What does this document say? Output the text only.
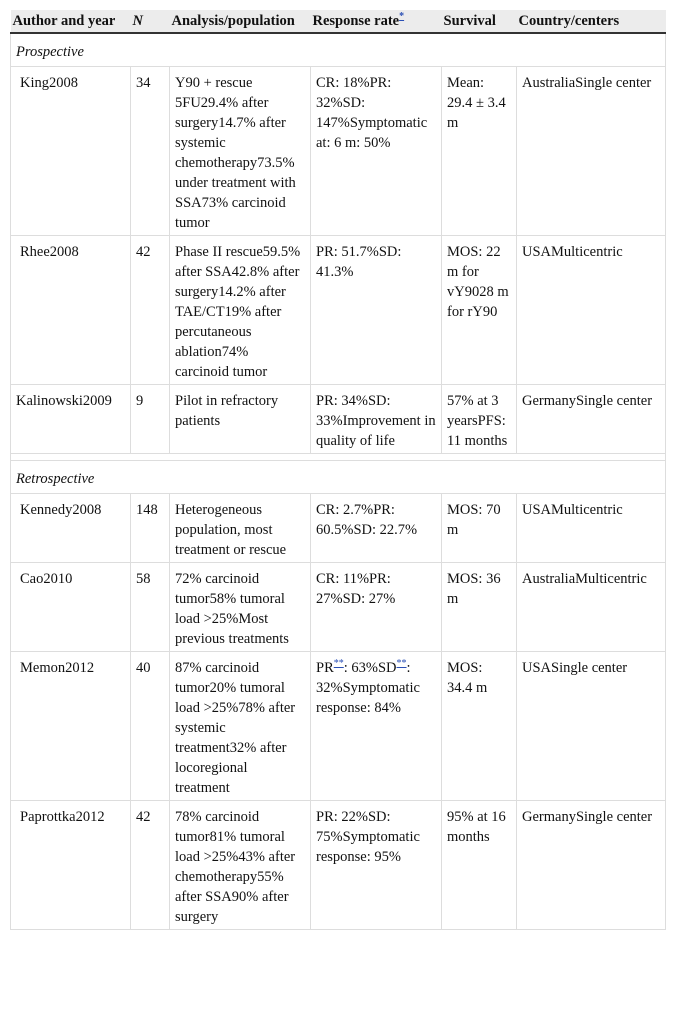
Author and year	N	Analysis/population	Response rate*	Survival	Country/centers
Prospective					
King2008	34	Y90 + rescue 5FU29.4% after surgery14.7% after systemic chemotherapy73.5% under treatment with SSA73% carcinoid tumor	CR: 18%PR: 32%SD: 147%Symptomatic at: 6 m: 50%	Mean: 29.4 ± 3.4 m	AustraliaSingle center
Rhee2008	42	Phase II rescue59.5% after SSA42.8% after surgery14.2% after TAE/CT19% after percutaneous ablation74% carcinoid tumor	PR: 51.7%SD: 41.3%	MOS: 22 m for vY9028 m for rY90	USAMulticentric
Kalinowski2009	9	Pilot in refractory patients	PR: 34%SD: 33%Improvement in quality of life	57% at 3 yearsPFS: 11 months	GermanySingle center

Retrospective					
Kennedy2008	148	Heterogeneous population, most treatment or rescue	CR: 2.7%PR: 60.5%SD: 22.7%	MOS: 70 m	USAMulticentric
Cao2010	58	72% carcinoid tumor58% tumoral load >25%Most previous treatments	CR: 11%PR: 27%SD: 27%	MOS: 36 m	AustraliaMulticentric
Memon2012	40	87% carcinoid tumor20% tumoral load >25%78% after systemic treatment32% after locoregional treatment	PR**: 63%SD**: 32%Symptomatic response: 84%	MOS: 34.4 m	USASingle center
Paprottka2012	42	78% carcinoid tumor81% tumoral load >25%43% after chemotherapy55% after SSA90% after surgery	PR: 22%SD: 75%Symptomatic response: 95%	95% at 16 months	GermanySingle center
